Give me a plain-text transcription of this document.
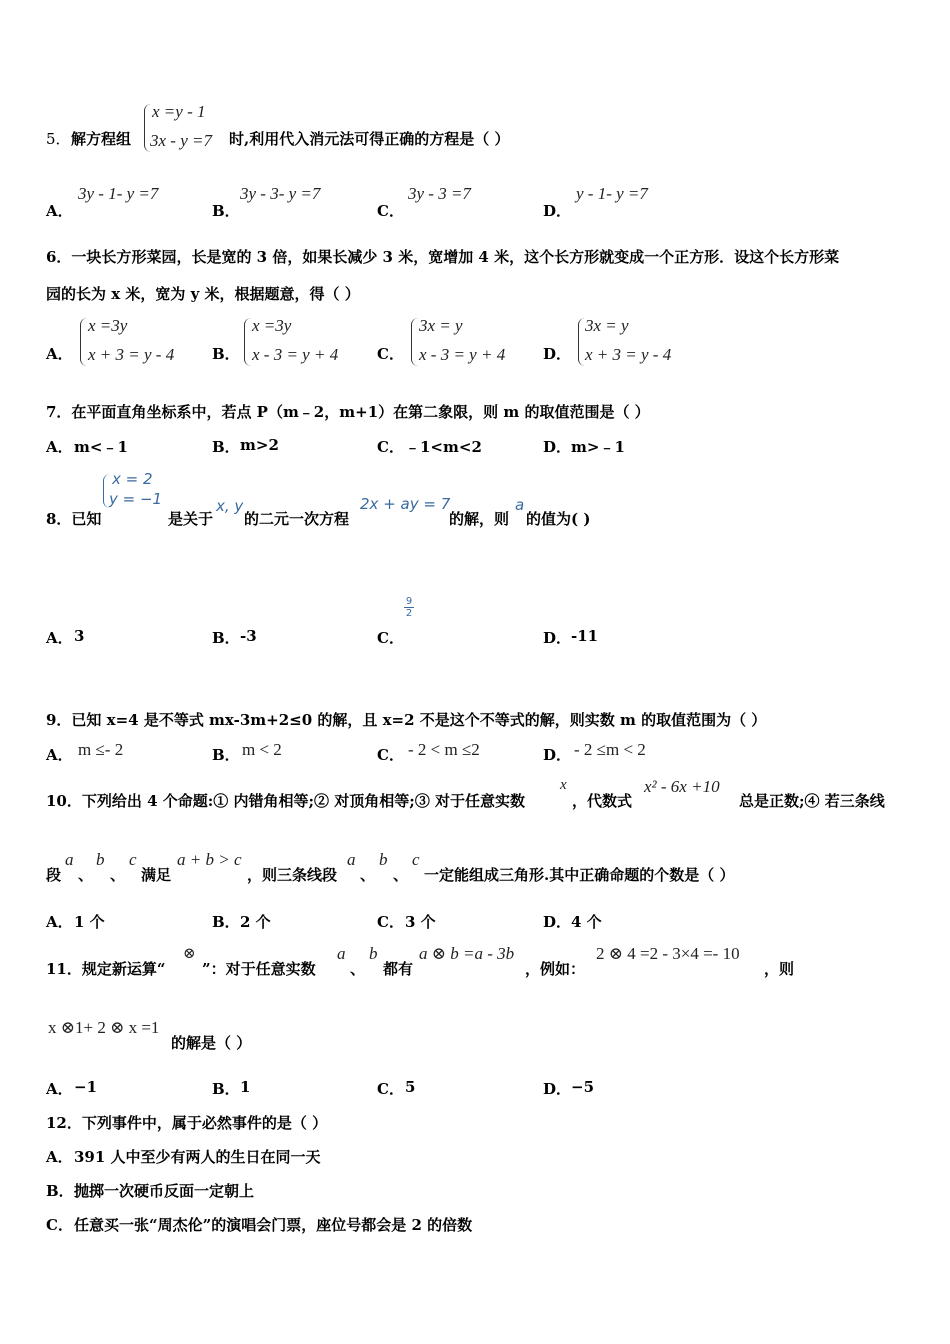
5． 解方程组
x =y - 1
3x - y =7 时,利用代入消元法可得正确的方程是（ ）
A．
3y - 1- y =7
B．
3y - 3- y =7
C．
3y - 3 =7
D．
y - 1- y =7
6．一块长方形菜园，长是宽的 3 倍，如果长减少 3 米，宽增加 4 米，这个长方形就变成一个正方形．设这个长方形菜
园的长为 x 米，宽为 y 米，根据题意，得（ ）
A．
x =3y
x + 3 = y - 4	B．
x =3y
x - 3 = y + 4	C．
3x = y
x - 3 = y + 4	D．
3x = y
x + 3 = y - 4
7．在平面直角坐标系中，若点 P（m﹣2，m+1）在第二象限，则 m 的取值范围是（ ）
A． m<﹣1	B． m>2	C． ﹣1<m<2	D． m>﹣1
8．已知
x = 2
y = −1
是关于
x, y
的二元一次方程
2x + ay = 7
的解，则
a
的值为( )
A． 3	B． -3	C．
9
2
D． -11
9．已知 x=4 是不等式 mx-3m+2≤0 的解，且 x=2 不是这个不等式的解，则实数 m 的取值范围为（ ）
A． m ≤- 2	B． m < 2	C． - 2 < m ≤2	D． - 2 ≤m < 2
10．下列给出 4 个命题:① 内错角相等;② 对顶角相等;③ 对于任意实数
x
，代数式
x² - 6x +10
总是正数;④ 若三条线
段
a
、
b
、
c
满足
a + b > c
，则三条线段
a
、
b
、
c
一定能组成三角形.其中正确命题的个数是（ ）
A． 1 个	B． 2 个	C． 3 个	D． 4 个
11．规定新运算“
⊗
”：对于任意实数
a
、
b
都有
a ⊗ b =a - 3b
，例如：
2 ⊗ 4 =2 - 3×4 =- 10
，则
x ⊗1+ 2 ⊗ x =1
的解是（ ）
A． −1	B． 1	C． 5	D． −5
12．下列事件中，属于必然事件的是（ ）
A． 391 人中至少有两人的生日在同一天
B． 抛掷一次硬币反面一定朝上
C． 任意买一张“周杰伦”的演唱会门票，座位号都会是 2 的倍数
